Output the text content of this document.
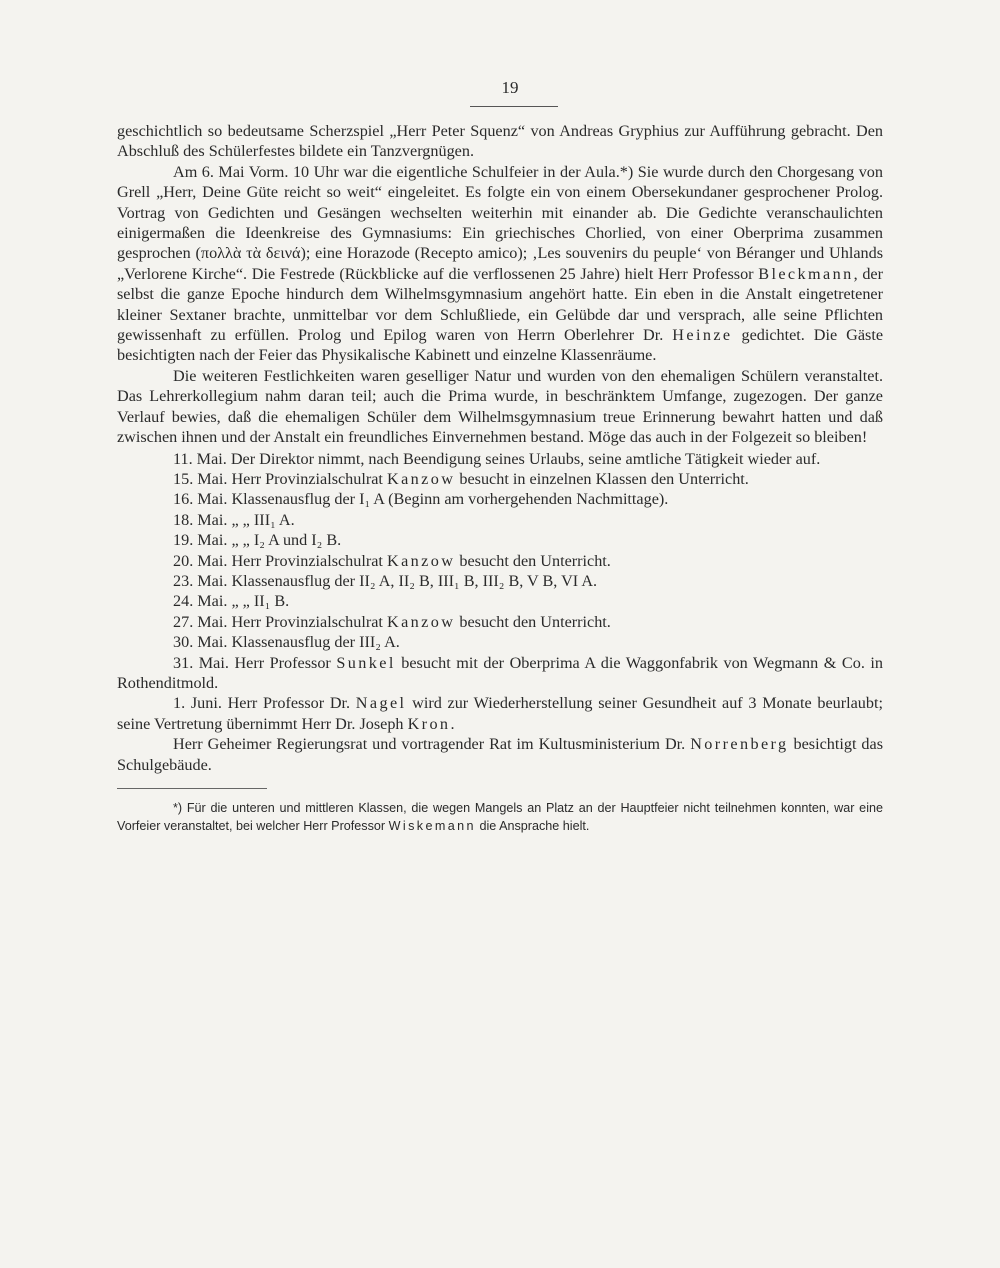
19

geschichtlich so bedeutsame Scherzspiel „Herr Peter Squenz“ von Andreas Gryphius zur Aufführung gebracht. Den Abschluß des Schülerfestes bildete ein Tanzvergnügen.

Am 6. Mai Vorm. 10 Uhr war die eigentliche Schulfeier in der Aula.*) Sie wurde durch den Chorgesang von Grell „Herr, Deine Güte reicht so weit“ eingeleitet. Es folgte ein von einem Obersekundaner gesprochener Prolog. Vortrag von Gedichten und Gesängen wechselten weiterhin mit einander ab. Die Gedichte veranschaulichten einigermaßen die Ideenkreise des Gymnasiums: Ein griechisches Chorlied, von einer Oberprima zusammen gesprochen (πολλὰ τὰ δεινά); eine Horazode (Recepto amico); ‚Les souvenirs du peuple‘ von Béranger und Uhlands „Verlorene Kirche“. Die Festrede (Rückblicke auf die verflossenen 25 Jahre) hielt Herr Professor Bleckmann, der selbst die ganze Epoche hindurch dem Wilhelmsgymnasium angehört hatte. Ein eben in die Anstalt eingetretener kleiner Sextaner brachte, unmittelbar vor dem Schlußliede, ein Gelübde dar und versprach, alle seine Pflichten gewissenhaft zu erfüllen. Prolog und Epilog waren von Herrn Oberlehrer Dr. Heinze gedichtet. Die Gäste besichtigten nach der Feier das Physikalische Kabinett und einzelne Klassenräume.

Die weiteren Festlichkeiten waren geselliger Natur und wurden von den ehemaligen Schülern veranstaltet. Das Lehrerkollegium nahm daran teil; auch die Prima wurde, in beschränktem Umfange, zugezogen. Der ganze Verlauf bewies, daß die ehemaligen Schüler dem Wilhelmsgymnasium treue Erinnerung bewahrt hatten und daß zwischen ihnen und der Anstalt ein freundliches Einvernehmen bestand. Möge das auch in der Folgezeit so bleiben!

11. Mai. Der Direktor nimmt, nach Beendigung seines Urlaubs, seine amtliche Tätigkeit wieder auf.

15. Mai. Herr Provinzialschulrat Kanzow besucht in einzelnen Klassen den Unterricht.

16. Mai. Klassenausflug der I₁ A (Beginn am vorhergehenden Nachmittage).

18. Mai. „ „ III₁ A.

19. Mai. „ „ I₂ A und I₂ B.

20. Mai. Herr Provinzialschulrat Kanzow besucht den Unterricht.

23. Mai. Klassenausflug der II₂ A, II₂ B, III₁ B, III₂ B, V B, VI A.

24. Mai. „ „ II₁ B.

27. Mai. Herr Provinzialschulrat Kanzow besucht den Unterricht.

30. Mai. Klassenausflug der III₂ A.

31. Mai. Herr Professor Sunkel besucht mit der Oberprima A die Waggonfabrik von Wegmann & Co. in Rothenditmold.

1. Juni. Herr Professor Dr. Nagel wird zur Wiederherstellung seiner Gesundheit auf 3 Monate beurlaubt; seine Vertretung übernimmt Herr Dr. Joseph Kron.

Herr Geheimer Regierungsrat und vortragender Rat im Kultusministerium Dr. Norrenberg besichtigt das Schulgebäude.

*) Für die unteren und mittleren Klassen, die wegen Mangels an Platz an der Hauptfeier nicht teilnehmen konnten, war eine Vorfeier veranstaltet, bei welcher Herr Professor Wiskemann die Ansprache hielt.
